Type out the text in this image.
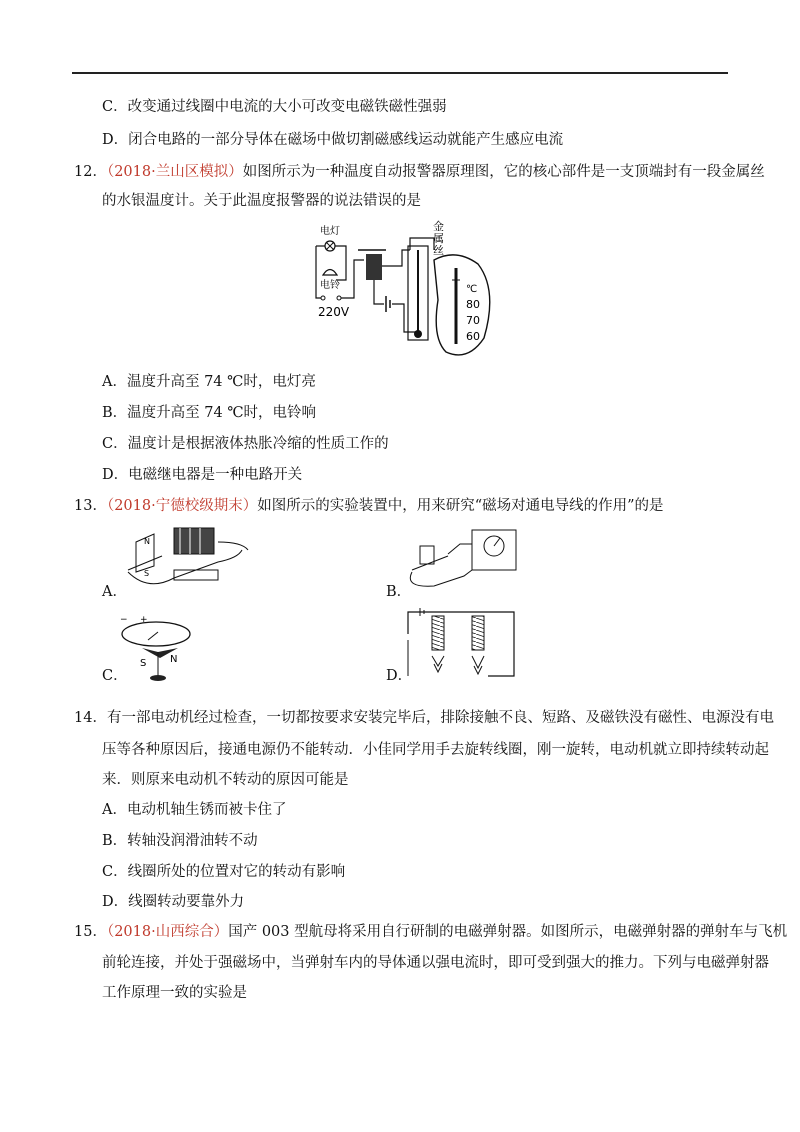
C．改变通过线圈中电流的大小可改变电磁铁磁性强弱
D．闭合电路的一部分导体在磁场中做切割磁感线运动就能产生感应电流
12．（2018·兰山区模拟）如图所示为一种温度自动报警器原理图，它的核心部件是一支顶端封有一段金属丝
的水银温度计。关于此温度报警器的说法错误的是
电灯
电铃
220V
金
属
丝
℃
80
70
60
A．温度升高至 74 ℃时，电灯亮
B．温度升高至 74 ℃时，电铃响
C．温度计是根据液体热胀冷缩的性质工作的
D．电磁继电器是一种电路开关
13．（2018·宁德校级期末）如图所示的实验装置中，用来研究“磁场对通电导线的作用”的是
A．
N
S
B．
C．
− +
S N
D．
14．有一部电动机经过检查，一切都按要求安装完毕后，排除接触不良、短路、及磁铁没有磁性、电源没有电
压等各种原因后，接通电源仍不能转动．小佳同学用手去旋转线圈，刚一旋转，电动机就立即持续转动起
来．则原来电动机不转动的原因可能是
A．电动机轴生锈而被卡住了
B．转轴没润滑油转不动
C．线圈所处的位置对它的转动有影响
D．线圈转动要靠外力
15．（2018·山西综合）国产 003 型航母将采用自行研制的电磁弹射器。如图所示，电磁弹射器的弹射车与飞机
前轮连接，并处于强磁场中，当弹射车内的导体通以强电流时，即可受到强大的推力。下列与电磁弹射器
工作原理一致的实验是
